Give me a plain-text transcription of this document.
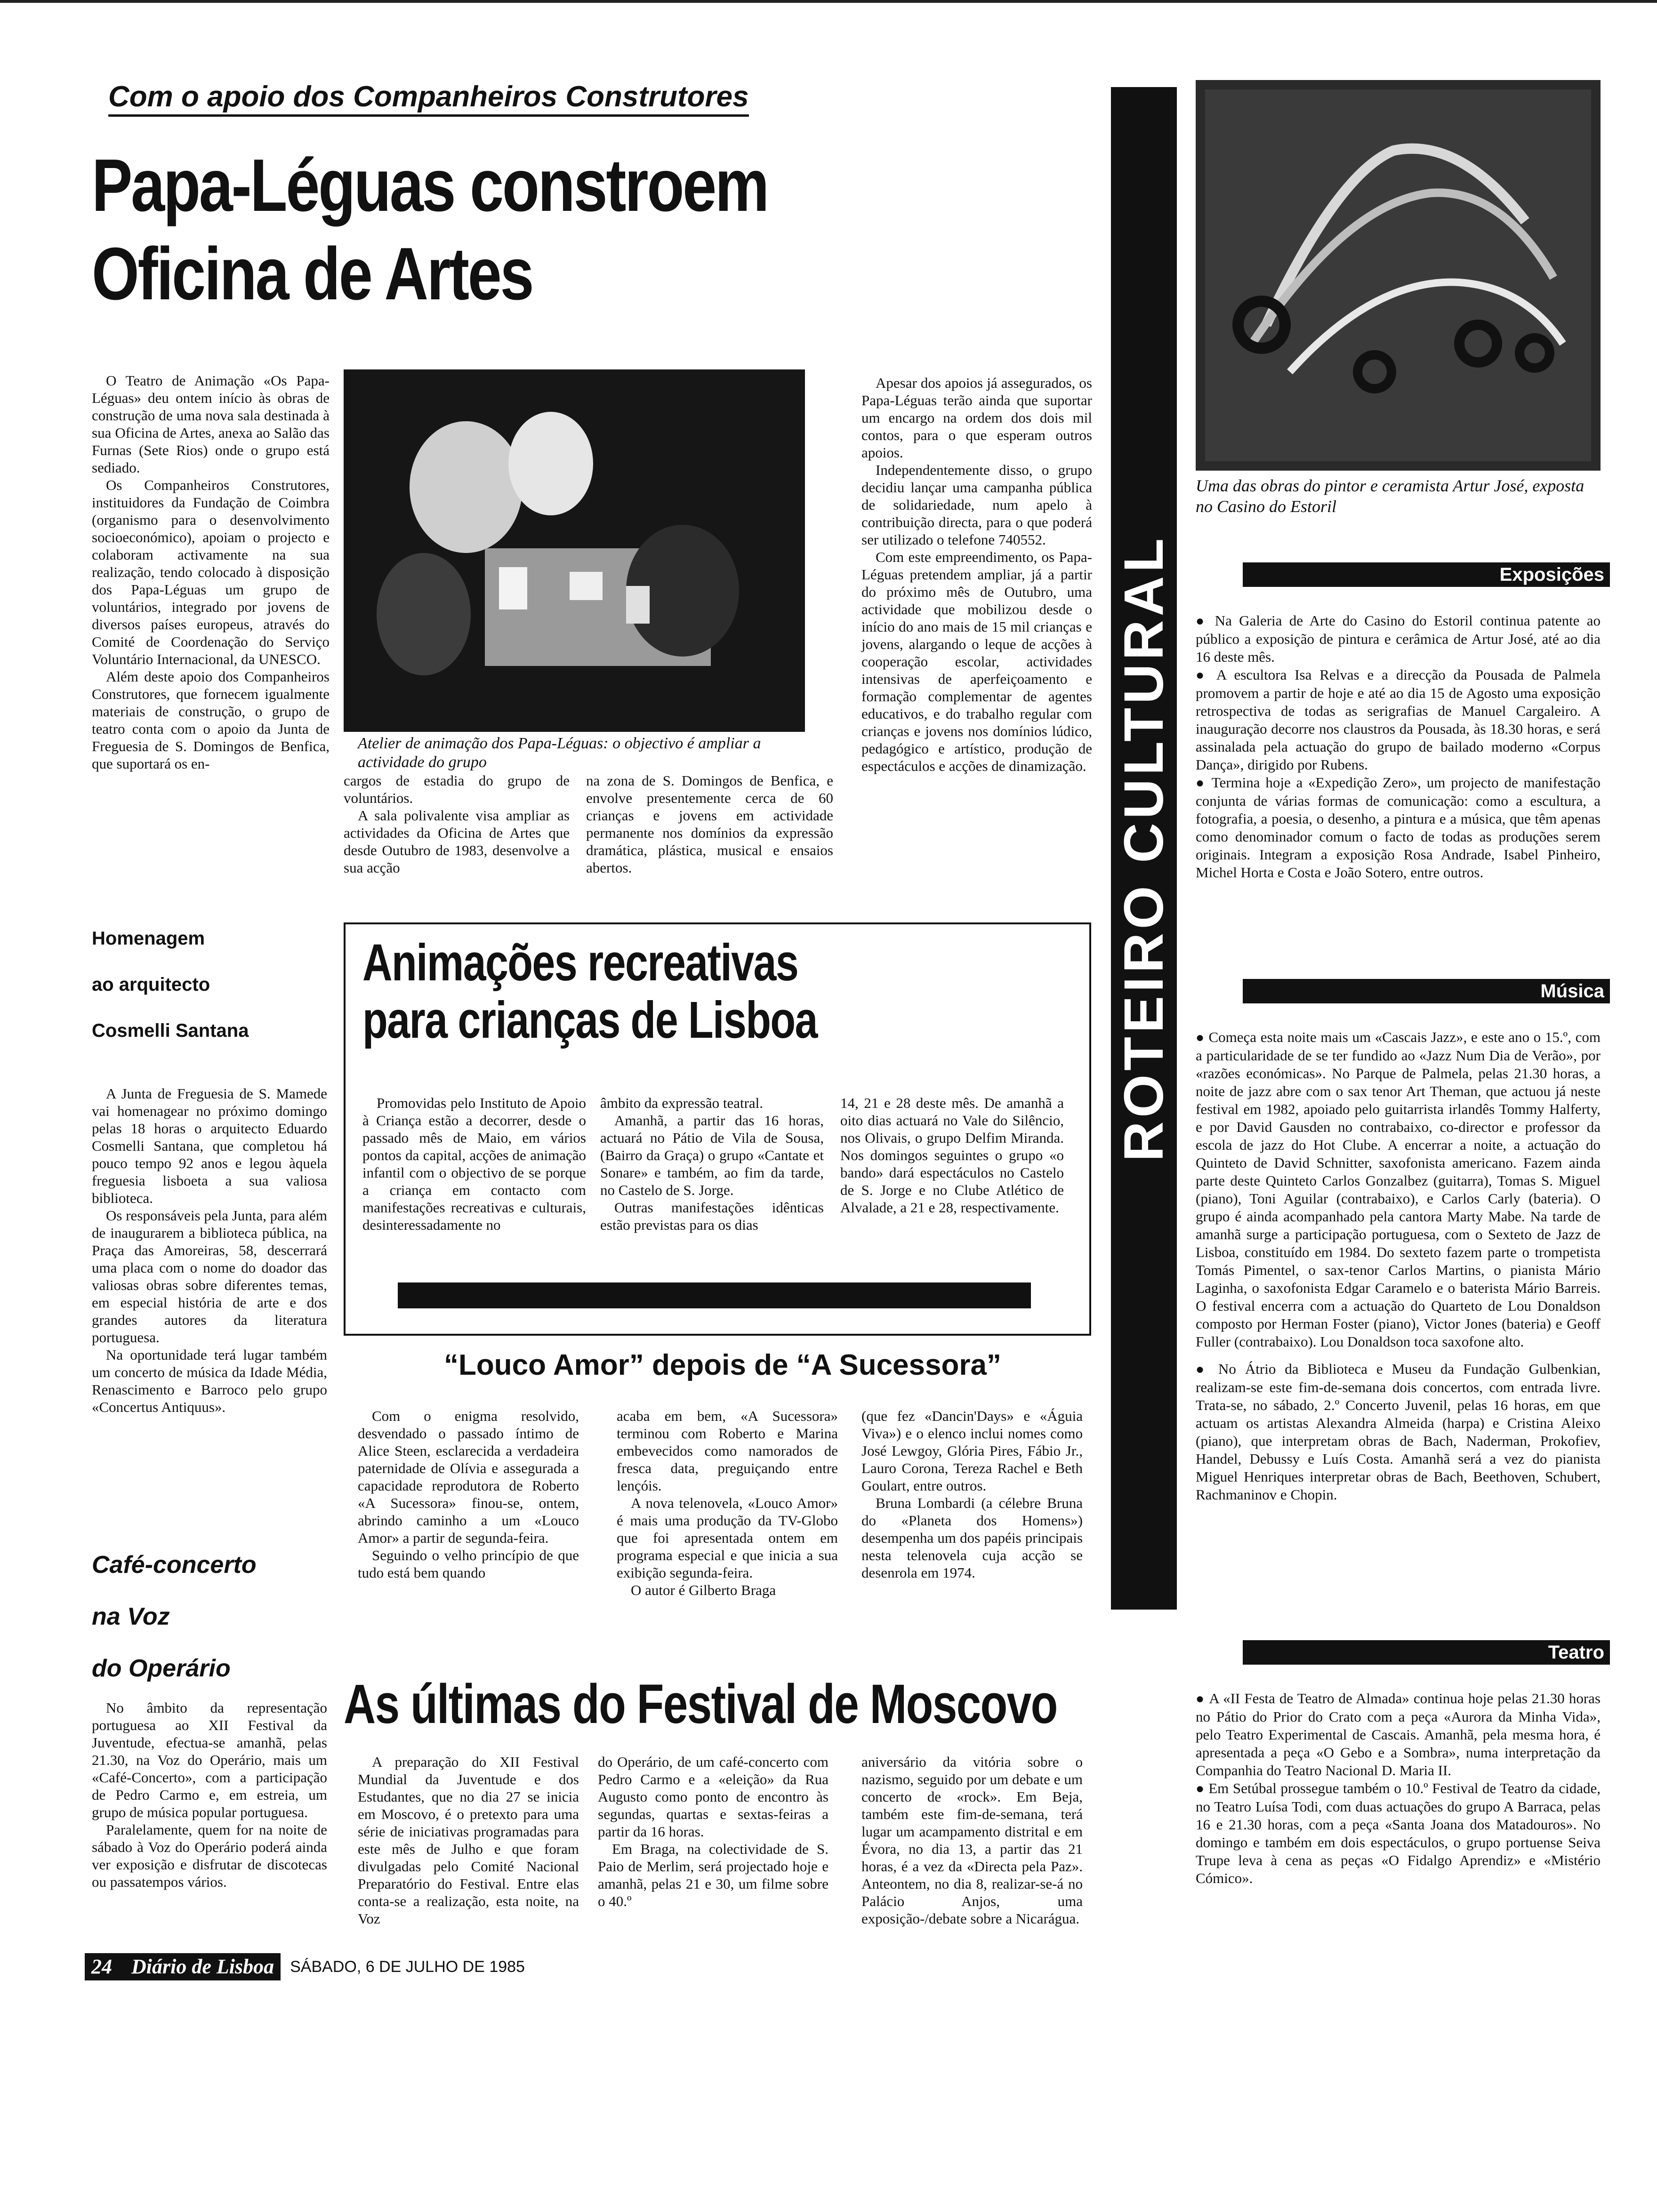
Com o apoio dos Companheiros Construtores
Papa-Léguas constroem
Oficina de Artes

O Teatro de Animação «Os Papa-Léguas» deu ontem início às obras de construção de uma nova sala destinada à sua Oficina de Artes, anexa ao Salão das Furnas (Sete Rios) onde o grupo está sediado.

Os Companheiros Construtores, instituidores da Fundação de Coimbra (organismo para o desenvolvimento socioeconómico), apoiam o projecto e colaboram activamente na sua realização, tendo colocado à disposição dos Papa-Léguas um grupo de voluntários, integrado por jovens de diversos países europeus, através do Comité de Coordenação do Serviço Voluntário Internacional, da UNESCO.

Além deste apoio dos Companheiros Construtores, que fornecem igualmente materiais de construção, o grupo de teatro conta com o apoio da Junta de Freguesia de S. Domingos de Benfica, que suportará os en-

Atelier de animação dos Papa-Léguas: o objectivo é ampliar a actividade do grupo

cargos de estadia do grupo de voluntários.

A sala polivalente visa ampliar as actividades da Oficina de Artes que desde Outubro de 1983, desenvolve a sua acção

na zona de S. Domingos de Benfica, e envolve presentemente cerca de 60 crianças e jovens em actividade permanente nos domínios da expressão dramática, plástica, musical e ensaios abertos.

Apesar dos apoios já assegurados, os Papa-Léguas terão ainda que suportar um encargo na ordem dos dois mil contos, para o que esperam outros apoios.

Independentemente disso, o grupo decidiu lançar uma campanha pública de solidariedade, num apelo à contribuição directa, para o que poderá ser utilizado o telefone 740552.

Com este empreendimento, os Papa-Léguas pretendem ampliar, já a partir do próximo mês de Outubro, uma actividade que mobilizou desde o início do ano mais de 15 mil crianças e jovens, alargando o leque de acções à cooperação escolar, actividades intensivas de aperfeiçoamento e formação complementar de agentes educativos, e do trabalho regular com crianças e jovens nos domínios lúdico, pedagógico e artístico, produção de espectáculos e acções de dinamização.

Homenagem
ao arquitecto
Cosmelli Santana

A Junta de Freguesia de S. Mamede vai homenagear no próximo domingo pelas 18 horas o arquitecto Eduardo Cosmelli Santana, que completou há pouco tempo 92 anos e legou àquela freguesia lisboeta a sua valiosa biblioteca.

Os responsáveis pela Junta, para além de inaugurarem a biblioteca pública, na Praça das Amoreiras, 58, descerrará uma placa com o nome do doador das valiosas obras sobre diferentes temas, em especial história de arte e dos grandes autores da literatura portuguesa.

Na oportunidade terá lugar também um concerto de música da Idade Média, Renascimento e Barroco pelo grupo «Concertus Antiquus».

Café-concerto
na Voz
do Operário

No âmbito da representação portuguesa ao XII Festival da Juventude, efectua-se amanhã, pelas 21.30, na Voz do Operário, mais um «Café-Concerto», com a participação de Pedro Carmo e, em estreia, um grupo de música popular portuguesa.

Paralelamente, quem for na noite de sábado à Voz do Operário poderá ainda ver exposição e disfrutar de discotecas ou passatempos vários.

Animações recreativas
para crianças de Lisboa

Promovidas pelo Instituto de Apoio à Criança estão a decorrer, desde o passado mês de Maio, em vários pontos da capital, acções de animação infantil com o objectivo de se porque a criança em contacto com manifestações recreativas e culturais, desinteressadamente no

âmbito da expressão teatral.

Amanhã, a partir das 16 horas, actuará no Pátio de Vila de Sousa, (Bairro da Graça) o grupo «Cantate et Sonare» e também, ao fim da tarde, no Castelo de S. Jorge.

Outras manifestações idênticas estão previstas para os dias

14, 21 e 28 deste mês. De amanhã a oito dias actuará no Vale do Silêncio, nos Olivais, o grupo Delfim Miranda. Nos domingos seguintes o grupo «o bando» dará espectáculos no Castelo de S. Jorge e no Clube Atlético de Alvalade, a 21 e 28, respectivamente.

“Louco Amor” depois de “A Sucessora”

Com o enigma resolvido, desvendado o passado íntimo de Alice Steen, esclarecida a verdadeira paternidade de Olívia e assegurada a capacidade reprodutora de Roberto «A Sucessora» finou-se, ontem, abrindo caminho a um «Louco Amor» a partir de segunda-feira.

Seguindo o velho princípio de que tudo está bem quando

acaba em bem, «A Sucessora» terminou com Roberto e Marina embevecidos como namorados de fresca data, preguiçando entre lençóis.

A nova telenovela, «Louco Amor» é mais uma produção da TV-Globo que foi apresentada ontem em programa especial e que inicia a sua exibição segunda-feira.

O autor é Gilberto Braga

(que fez «Dancin'Days» e «Águia Viva») e o elenco inclui nomes como José Lewgoy, Glória Pires, Fábio Jr., Lauro Corona, Tereza Rachel e Beth Goulart, entre outros.

Bruna Lombardi (a célebre Bruna do «Planeta dos Homens») desempenha um dos papéis principais nesta telenovela cuja acção se desenrola em 1974.

As últimas do Festival de Moscovo

A preparação do XII Festival Mundial da Juventude e dos Estudantes, que no dia 27 se inicia em Moscovo, é o pretexto para uma série de iniciativas programadas para este mês de Julho e que foram divulgadas pelo Comité Nacional Preparatório do Festival. Entre elas conta-se a realização, esta noite, na Voz

do Operário, de um café-concerto com Pedro Carmo e a «eleição» da Rua Augusto como ponto de encontro às segundas, quartas e sextas-feiras a partir da 16 horas.

Em Braga, na colectividade de S. Paio de Merlim, será projectado hoje e amanhã, pelas 21 e 30, um filme sobre o 40.º

aniversário da vitória sobre o nazismo, seguido por um debate e um concerto de «rock». Em Beja, também este fim-de-semana, terá lugar um acampamento distrital e em Évora, no dia 13, a partir das 21 horas, é a vez da «Directa pela Paz». Anteontem, no dia 8, realizar-se-á no Palácio Anjos, uma exposição-/debate sobre a Nicarágua.

ROTEIRO CULTURAL
Uma das obras do pintor e ceramista Artur José, exposta no Casino do Estoril
Exposições

● Na Galeria de Arte do Casino do Estoril continua patente ao público a exposição de pintura e cerâmica de Artur José, até ao dia 16 deste mês.

● A escultora Isa Relvas e a direcção da Pousada de Palmela promovem a partir de hoje e até ao dia 15 de Agosto uma exposição retrospectiva de todas as serigrafias de Manuel Cargaleiro. A inauguração decorre nos claustros da Pousada, às 18.30 horas, e será assinalada pela actuação do grupo de bailado moderno «Corpus Dança», dirigido por Rubens.

● Termina hoje a «Expedição Zero», um projecto de manifestação conjunta de várias formas de comunicação: como a escultura, a fotografia, a poesia, o desenho, a pintura e a música, que têm apenas como denominador comum o facto de todas as produções serem originais. Integram a exposição Rosa Andrade, Isabel Pinheiro, Michel Horta e Costa e João Sotero, entre outros.

Música

● Começa esta noite mais um «Cascais Jazz», e este ano o 15.º, com a particularidade de se ter fundido ao «Jazz Num Dia de Verão», por «razões económicas». No Parque de Palmela, pelas 21.30 horas, a noite de jazz abre com o sax tenor Art Theman, que actuou já neste festival em 1982, apoiado pelo guitarrista irlandês Tommy Halferty, e por David Gausden no contrabaixo, co-director e professor da escola de jazz do Hot Clube. A encerrar a noite, a actuação do Quinteto de David Schnitter, saxofonista americano. Fazem ainda parte deste Quinteto Carlos Gonzalbez (guitarra), Tomas S. Miguel (piano), Toni Aguilar (contrabaixo), e Carlos Carly (bateria). O grupo é ainda acompanhado pela cantora Marty Mabe. Na tarde de amanhã surge a participação portuguesa, com o Sexteto de Jazz de Lisboa, constituído em 1984. Do sexteto fazem parte o trompetista Tomás Pimentel, o sax-tenor Carlos Martins, o pianista Mário Laginha, o saxofonista Edgar Caramelo e o baterista Mário Barreis. O festival encerra com a actuação do Quarteto de Lou Donaldson composto por Herman Foster (piano), Victor Jones (bateria) e Geoff Fuller (contrabaixo). Lou Donaldson toca saxofone alto.

● No Átrio da Biblioteca e Museu da Fundação Gulbenkian, realizam-se este fim-de-semana dois concertos, com entrada livre. Trata-se, no sábado, 2.º Concerto Juvenil, pelas 16 horas, em que actuam os artistas Alexandra Almeida (harpa) e Cristina Aleixo (piano), que interpretam obras de Bach, Naderman, Prokofiev, Handel, Debussy e Luís Costa. Amanhã será a vez do pianista Miguel Henriques interpretar obras de Bach, Beethoven, Schubert, Rachmaninov e Chopin.

Teatro

● A «II Festa de Teatro de Almada» continua hoje pelas 21.30 horas no Pátio do Prior do Crato com a peça «Aurora da Minha Vida», pelo Teatro Experimental de Cascais. Amanhã, pela mesma hora, é apresentada a peça «O Gebo e a Sombra», numa interpretação da Companhia do Teatro Nacional D. Maria II.

● Em Setúbal prossegue também o 10.º Festival de Teatro da cidade, no Teatro Luísa Todi, com duas actuações do grupo A Barraca, pelas 16 e 21.30 horas, com a peça «Santa Joana dos Matadouros». No domingo e também em dois espectáculos, o grupo portuense Seiva Trupe leva à cena as peças «O Fidalgo Aprendiz» e «Mistério Cómico».

24 Diário de Lisboa	SÁBADO, 6 DE JULHO DE 1985
